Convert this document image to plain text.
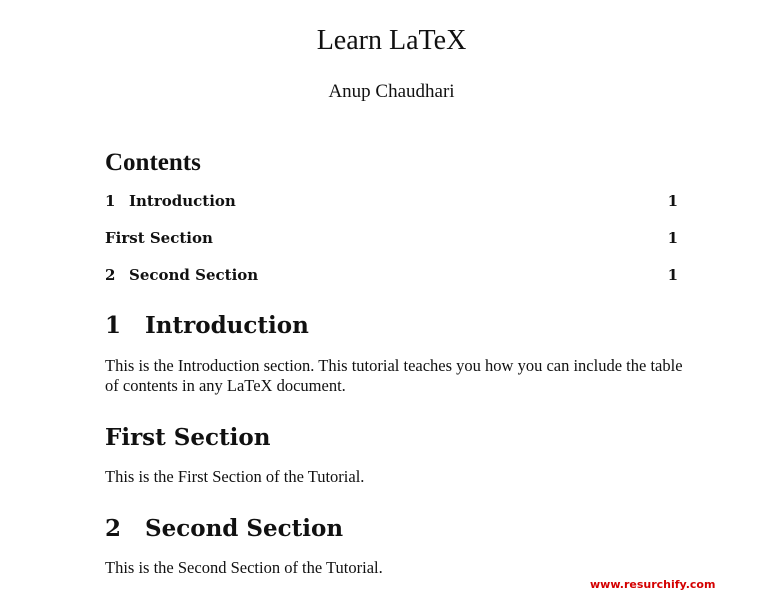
Learn LaTeX
Anup Chaudhari
Contents
1 Introduction	1
First Section	1
2 Second Section	1
1 Introduction
This is the Introduction section. This tutorial teaches you how you can include the table of contents in any LaTeX document.
First Section
This is the First Section of the Tutorial.
2 Second Section
This is the Second Section of the Tutorial.
www.resurchify.com
